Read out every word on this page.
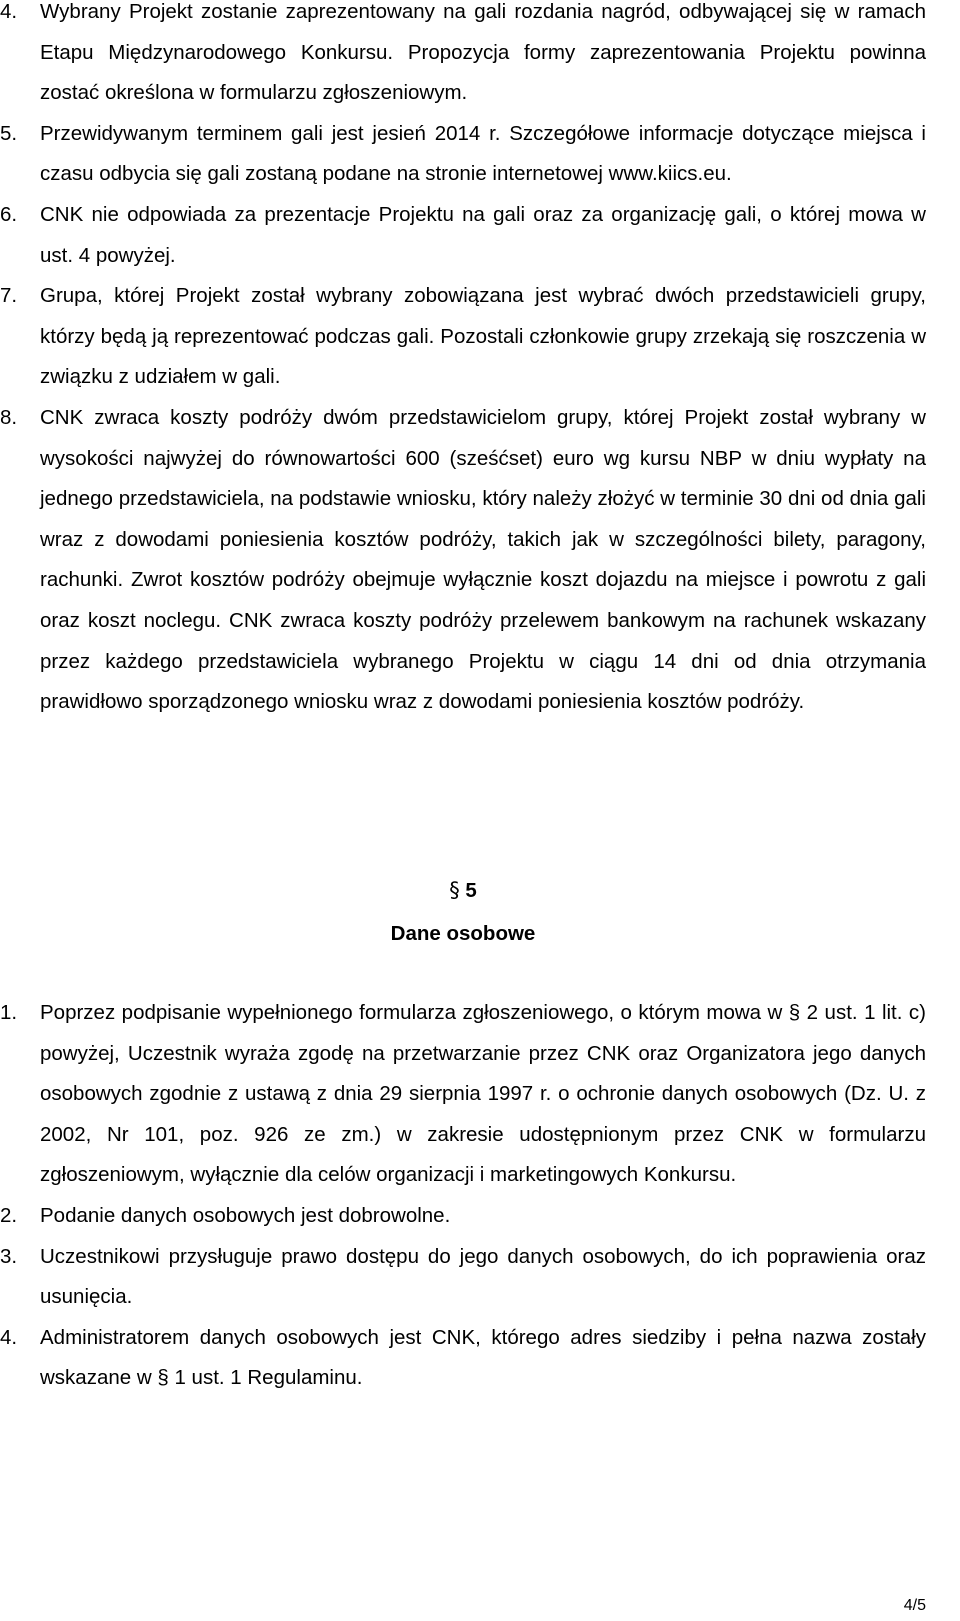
4. Wybrany Projekt zostanie zaprezentowany na gali rozdania nagród, odbywającej się w ramach Etapu Międzynarodowego Konkursu. Propozycja formy zaprezentowania Projektu powinna zostać określona w formularzu zgłoszeniowym.
5. Przewidywanym terminem gali jest jesień 2014 r. Szczegółowe informacje dotyczące miejsca i czasu odbycia się gali zostaną podane na stronie internetowej www.kiics.eu.
6. CNK nie odpowiada za prezentacje Projektu na gali oraz za organizację gali, o której mowa w ust. 4 powyżej.
7. Grupa, której Projekt został wybrany zobowiązana jest wybrać dwóch przedstawicieli grupy, którzy będą ją reprezentować podczas gali. Pozostali członkowie grupy zrzekają się roszczenia w związku z udziałem w gali.
8. CNK zwraca koszty podróży dwóm przedstawicielom grupy, której Projekt został wybrany w wysokości najwyżej do równowartości 600 (sześćset) euro wg kursu NBP w dniu wypłaty na jednego przedstawiciela, na podstawie wniosku, który należy złożyć w terminie 30 dni od dnia gali wraz z dowodami poniesienia kosztów podróży, takich jak w szczególności bilety, paragony, rachunki. Zwrot kosztów podróży obejmuje wyłącznie koszt dojazdu na miejsce i powrotu z gali oraz koszt noclegu. CNK zwraca koszty podróży przelewem bankowym na rachunek wskazany przez każdego przedstawiciela wybranego Projektu w ciągu 14 dni od dnia otrzymania prawidłowo sporządzonego wniosku wraz z dowodami poniesienia kosztów podróży.
§ 5
Dane osobowe
1. Poprzez podpisanie wypełnionego formularza zgłoszeniowego, o którym mowa w § 2 ust. 1 lit. c) powyżej, Uczestnik wyraża zgodę na przetwarzanie przez CNK oraz Organizatora jego danych osobowych zgodnie z ustawą z dnia 29 sierpnia 1997 r. o ochronie danych osobowych (Dz. U. z 2002, Nr 101, poz. 926 ze zm.) w zakresie udostępnionym przez CNK w formularzu zgłoszeniowym, wyłącznie dla celów organizacji i marketingowych Konkursu.
2. Podanie danych osobowych jest dobrowolne.
3. Uczestnikowi przysługuje prawo dostępu do jego danych osobowych, do ich poprawienia oraz usunięcia.
4. Administratorem danych osobowych jest CNK, którego adres siedziby i pełna nazwa zostały wskazane w § 1 ust. 1 Regulaminu.
4/5
